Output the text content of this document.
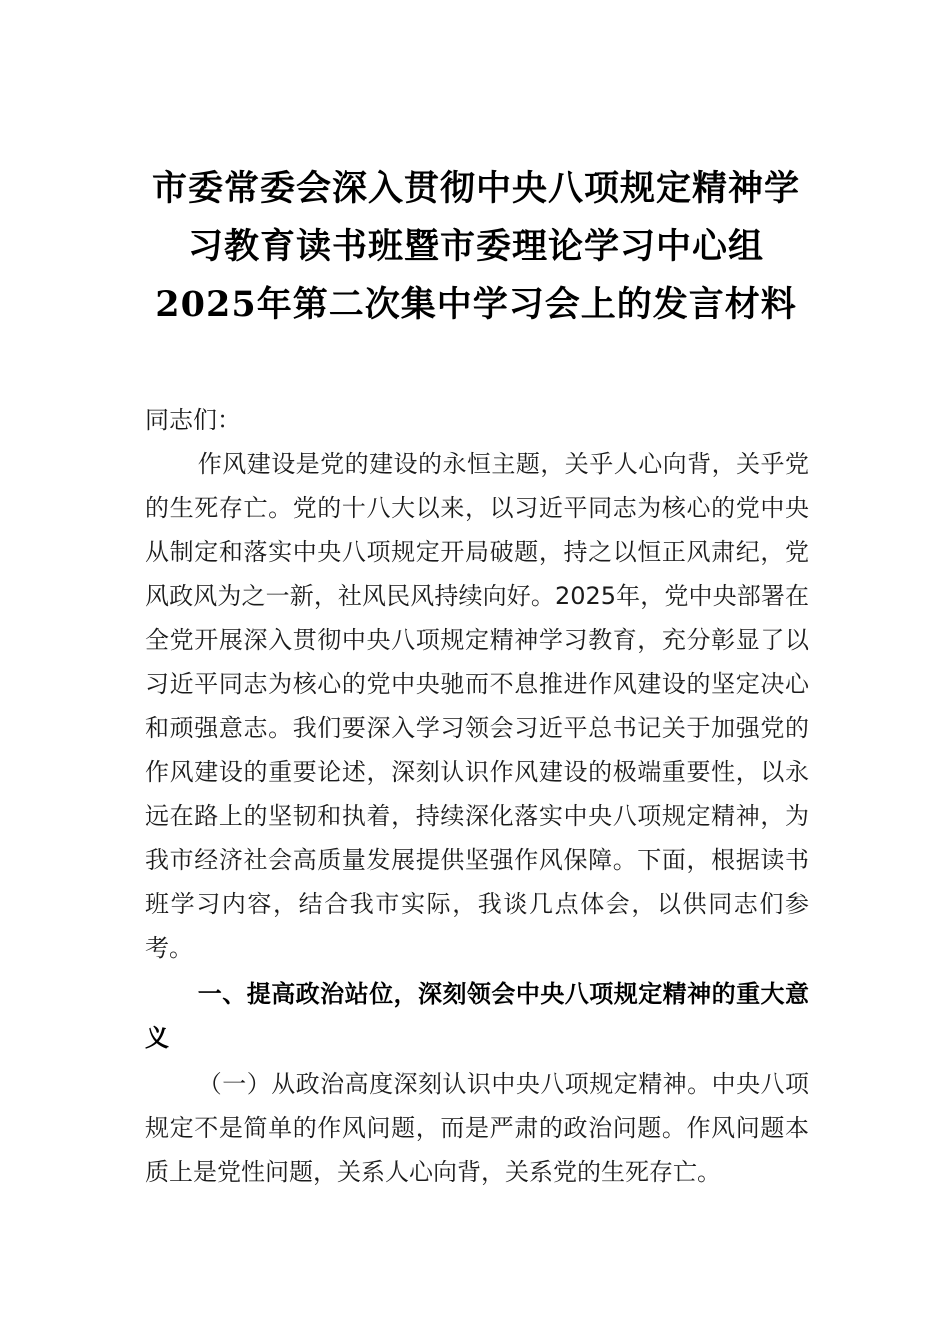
市委常委会深入贯彻中央八项规定精神学习教育读书班暨市委理论学习中心组2025年第二次集中学习会上的发言材料

同志们：

作风建设是党的建设的永恒主题，关乎人心向背，关乎党的生死存亡。党的十八大以来，以习近平同志为核心的党中央从制定和落实中央八项规定开局破题，持之以恒正风肃纪，党风政风为之一新，社风民风持续向好。2025年，党中央部署在全党开展深入贯彻中央八项规定精神学习教育，充分彰显了以习近平同志为核心的党中央驰而不息推进作风建设的坚定决心和顽强意志。我们要深入学习领会习近平总书记关于加强党的作风建设的重要论述，深刻认识作风建设的极端重要性，以永远在路上的坚韧和执着，持续深化落实中央八项规定精神，为我市经济社会高质量发展提供坚强作风保障。下面，根据读书班学习内容，结合我市实际，我谈几点体会，以供同志们参考。

一、提高政治站位，深刻领会中央八项规定精神的重大意义

（一）从政治高度深刻认识中央八项规定精神。中央八项规定不是简单的作风问题，而是严肃的政治问题。作风问题本质上是党性问题，关系人心向背，关系党的生死存亡。
